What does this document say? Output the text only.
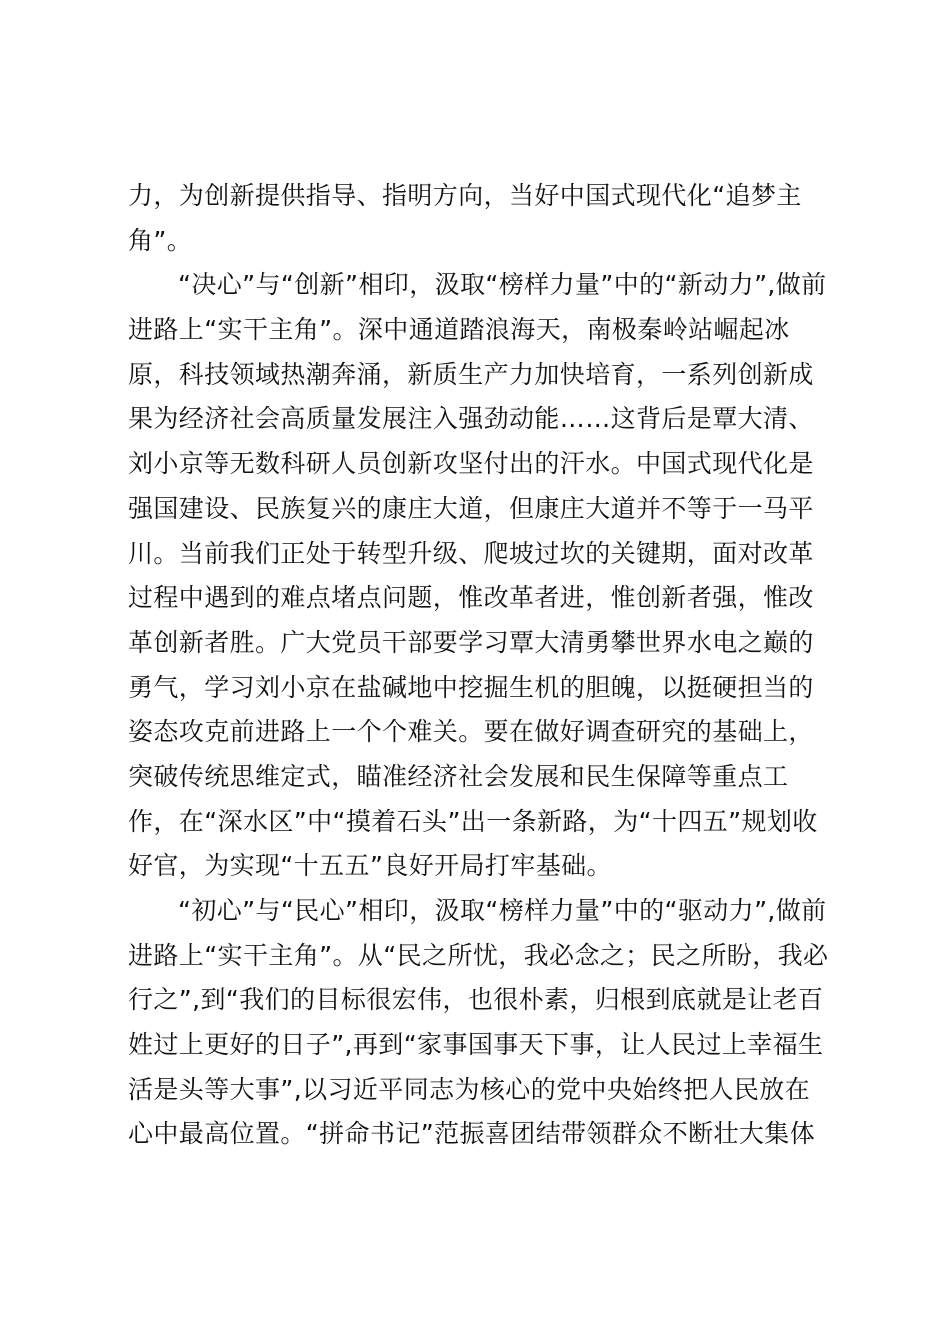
力，为创新提供指导、指明方向，当好中国式现代化“追梦主
角”。
“决心”与“创新”相印，汲取“榜样力量”中的“新动力”,做前
进路上“实干主角”。深中通道踏浪海天，南极秦岭站崛起冰
原，科技领域热潮奔涌，新质生产力加快培育，一系列创新成
果为经济社会高质量发展注入强劲动能……这背后是覃大清、
刘小京等无数科研人员创新攻坚付出的汗水。中国式现代化是
强国建设、民族复兴的康庄大道，但康庄大道并不等于一马平
川。当前我们正处于转型升级、爬坡过坎的关键期，面对改革
过程中遇到的难点堵点问题，惟改革者进，惟创新者强，惟改
革创新者胜。广大党员干部要学习覃大清勇攀世界水电之巅的
勇气，学习刘小京在盐碱地中挖掘生机的胆魄，以挺硬担当的
姿态攻克前进路上一个个难关。要在做好调查研究的基础上，
突破传统思维定式，瞄准经济社会发展和民生保障等重点工
作，在“深水区”中“摸着石头”出一条新路，为“十四五”规划收
好官，为实现“十五五”良好开局打牢基础。
“初心”与“民心”相印，汲取“榜样力量”中的“驱动力”,做前
进路上“实干主角”。从“民之所忧，我必念之；民之所盼，我必
行之”,到“我们的目标很宏伟，也很朴素，归根到底就是让老百
姓过上更好的日子”,再到“家事国事天下事，让人民过上幸福生
活是头等大事”,以习近平同志为核心的党中央始终把人民放在
心中最高位置。“拼命书记”范振喜团结带领群众不断壮大集体
